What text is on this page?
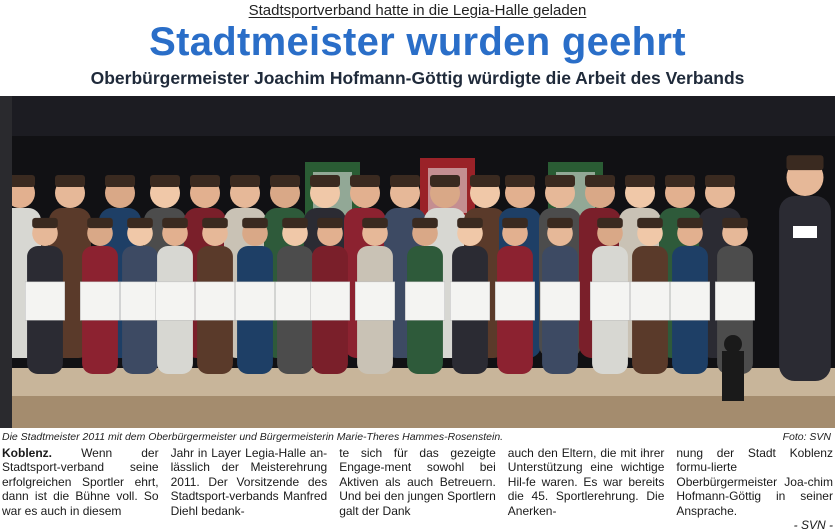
Stadtsportverband hatte in die Legia-Halle geladen
Stadtmeister wurden geehrt
Oberbürgermeister Joachim Hofmann-Göttig würdigte die Arbeit des Verbands
Die Stadtmeister 2011 mit dem Oberbürgermeister und Bürgermeisterin Marie-Theres Hammes-Rosenstein.	Foto: SVN

Koblenz. Wenn der Stadtsport-verband seine erfolgreichen Sportler ehrt, dann ist die Bühne voll. So war es auch in diesem

Jahr in Layer Legia-Halle an-lässlich der Meisterehrung 2011. Der Vorsitzende des Stadtsport-verbands Manfred Diehl bedank-

te sich für das gezeigte Engage-ment sowohl bei Aktiven als auch Betreuern. Und bei den jungen Sportlern galt der Dank

auch den Eltern, die mit ihrer Unterstützung eine wichtige Hil-fe waren. Es war bereits die 45. Sportlerehrung. Die Anerken-

nung der Stadt Koblenz formu-lierte Oberbürgermeister Joa-chim Hofmann-Göttig in seiner Ansprache.

- SVN -
